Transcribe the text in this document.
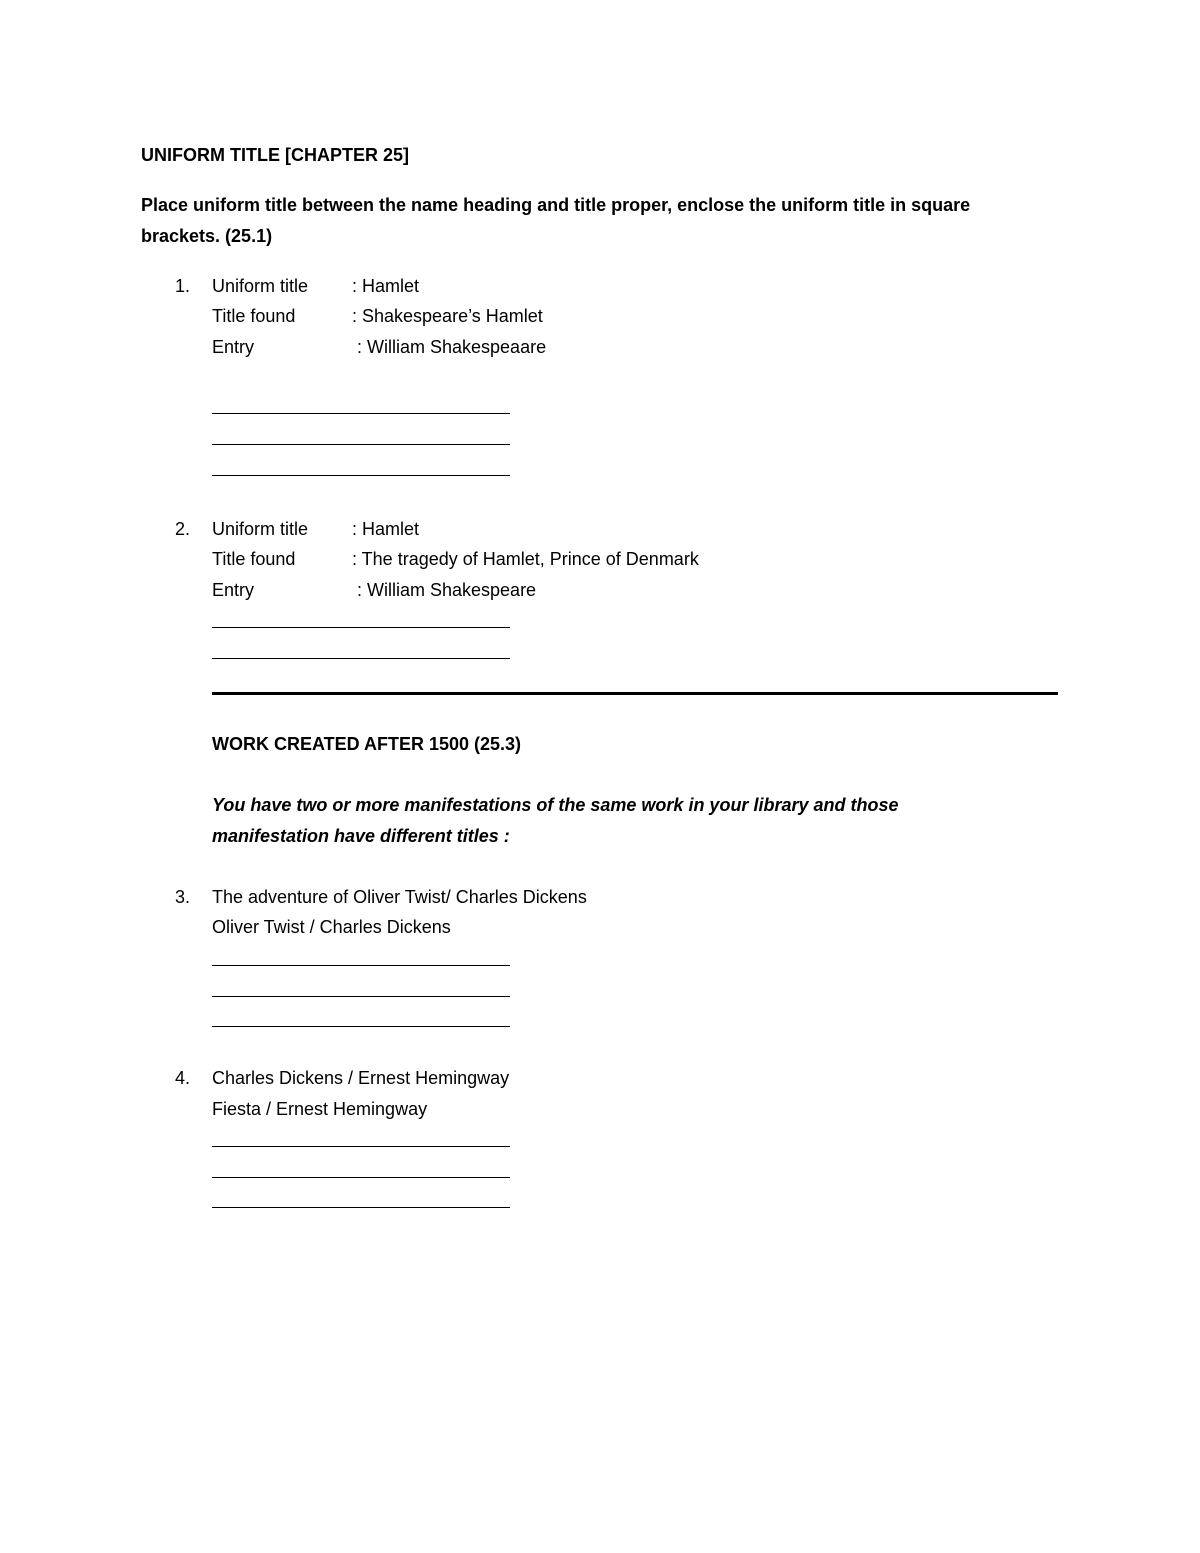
UNIFORM TITLE [CHAPTER 25]
Place uniform title between the name heading and title proper, enclose the uniform title in square
brackets. (25.1)
1. Uniform title : Hamlet
Title found	: Shakespeare’s Hamlet
Entry	: William Shakespeaare
2. Uniform title : Hamlet
Title found	: The tragedy of Hamlet, Prince of Denmark
Entry	: William Shakespeare
WORK CREATED AFTER 1500 (25.3)
You have two or more manifestations of the same work in your library and those
manifestation have different titles :
3. The adventure of Oliver Twist/ Charles Dickens
Oliver Twist / Charles Dickens
4. Charles Dickens / Ernest Hemingway
Fiesta / Ernest Hemingway
